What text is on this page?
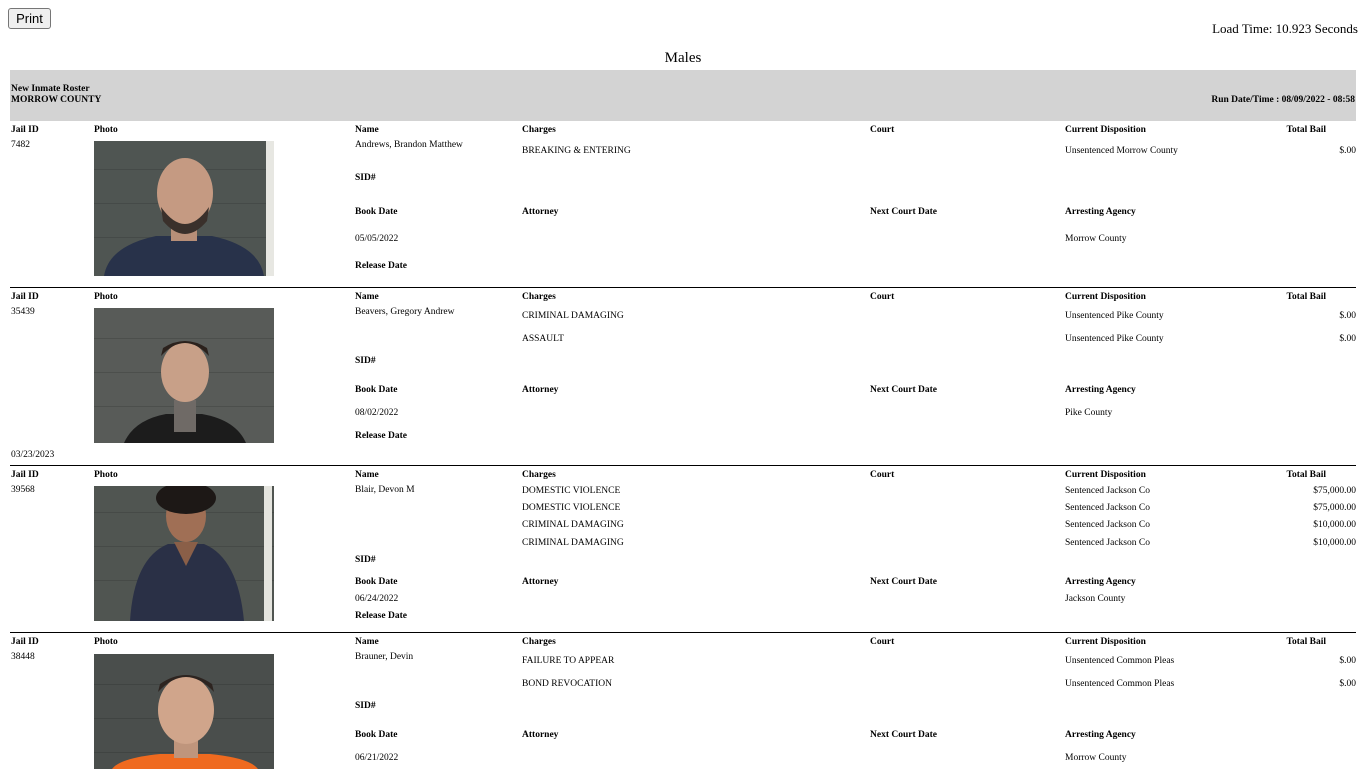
Print
Load Time: 10.923 Seconds
Males
New Inmate Roster
MORROW COUNTY	Run Date/Time : 08/09/2022 - 08:58
Jail ID	Photo	Name	Charges	Court	Current Disposition	Total Bail
7482	Andrews, Brandon Matthew
BREAKING & ENTERING	Unsentenced Morrow County	$.00
SID#
Book Date	Attorney	Next Court Date	Arresting Agency
05/05/2022	Morrow County
Release Date
Jail ID	Photo	Name	Charges	Court	Current Disposition	Total Bail
35439	Beavers, Gregory Andrew	CRIMINAL DAMAGING	Unsentenced Pike County	$.00
ASSAULT	Unsentenced Pike County	$.00
SID#
Book Date	Attorney	Next Court Date	Arresting Agency
08/02/2022	Pike County
Release Date
03/23/2023
Jail ID	Photo	Name	Charges	Court	Current Disposition	Total Bail
39568	Blair, Devon M	DOMESTIC VIOLENCE	Sentenced Jackson Co	$75,000.00
DOMESTIC VIOLENCE	Sentenced Jackson Co	$75,000.00
CRIMINAL DAMAGING	Sentenced Jackson Co	$10,000.00
CRIMINAL DAMAGING	Sentenced Jackson Co	$10,000.00
SID#
Book Date	Attorney	Next Court Date	Arresting Agency
06/24/2022	Jackson County
Release Date
Jail ID	Photo	Name	Charges	Court	Current Disposition	Total Bail
38448	Brauner, Devin	FAILURE TO APPEAR	Unsentenced Common Pleas	$.00
BOND REVOCATION	Unsentenced Common Pleas	$.00
SID#
Book Date	Attorney	Next Court Date	Arresting Agency
06/21/2022	Morrow County
